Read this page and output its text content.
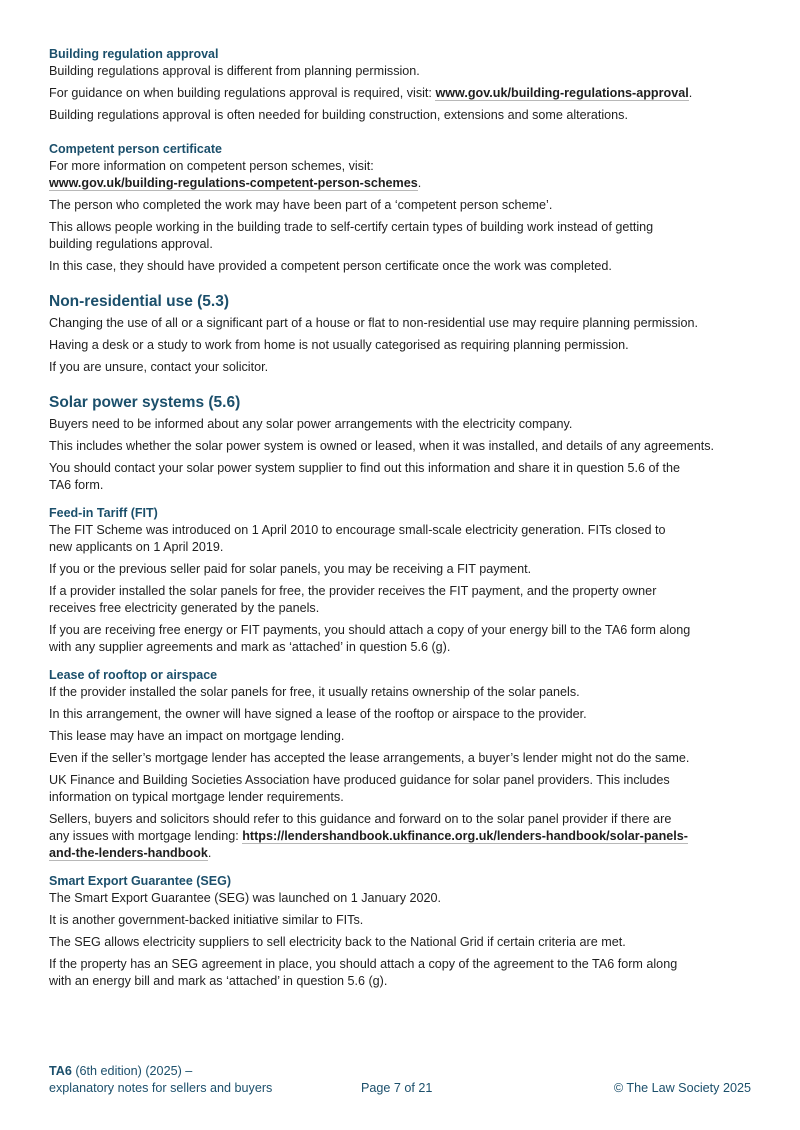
Building regulation approval

Building regulations approval is different from planning permission.

For guidance on when building regulations approval is required, visit: www.gov.uk/building-regulations-approval.

Building regulations approval is often needed for building construction, extensions and some alterations.

Competent person certificate

For more information on competent person schemes, visit:
www.gov.uk/building-regulations-competent-person-schemes.

The person who completed the work may have been part of a ‘competent person scheme’.

This allows people working in the building trade to self-certify certain types of building work instead of getting
building regulations approval.

In this case, they should have provided a competent person certificate once the work was completed.

Non-residential use (5.3)

Changing the use of all or a significant part of a house or flat to non-residential use may require planning permission.

Having a desk or a study to work from home is not usually categorised as requiring planning permission.

If you are unsure, contact your solicitor.

Solar power systems (5.6)

Buyers need to be informed about any solar power arrangements with the electricity company.

This includes whether the solar power system is owned or leased, when it was installed, and details of any agreements.

You should contact your solar power system supplier to find out this information and share it in question 5.6 of the
TA6 form.

Feed-in Tariff (FIT)

The FIT Scheme was introduced on 1 April 2010 to encourage small-scale electricity generation. FITs closed to
new applicants on 1 April 2019.

If you or the previous seller paid for solar panels, you may be receiving a FIT payment.

If a provider installed the solar panels for free, the provider receives the FIT payment, and the property owner
receives free electricity generated by the panels.

If you are receiving free energy or FIT payments, you should attach a copy of your energy bill to the TA6 form along
with any supplier agreements and mark as ‘attached’ in question 5.6 (g).

Lease of rooftop or airspace

If the provider installed the solar panels for free, it usually retains ownership of the solar panels.

In this arrangement, the owner will have signed a lease of the rooftop or airspace to the provider.

This lease may have an impact on mortgage lending.

Even if the seller’s mortgage lender has accepted the lease arrangements, a buyer’s lender might not do the same.

UK Finance and Building Societies Association have produced guidance for solar panel providers. This includes
information on typical mortgage lender requirements.

Sellers, buyers and solicitors should refer to this guidance and forward on to the solar panel provider if there are
any issues with mortgage lending: https://lendershandbook.ukfinance.org.uk/lenders-handbook/solar-panels-
and-the-lenders-handbook.

Smart Export Guarantee (SEG)

The Smart Export Guarantee (SEG) was launched on 1 January 2020.

It is another government-backed initiative similar to FITs.

The SEG allows electricity suppliers to sell electricity back to the National Grid if certain criteria are met.

If the property has an SEG agreement in place, you should attach a copy of the agreement to the TA6 form along
with an energy bill and mark as ‘attached’ in question 5.6 (g).

TA6 (6th edition) (2025) –
explanatory notes for sellers and buyers	Page 7 of 21	© The Law Society 2025
